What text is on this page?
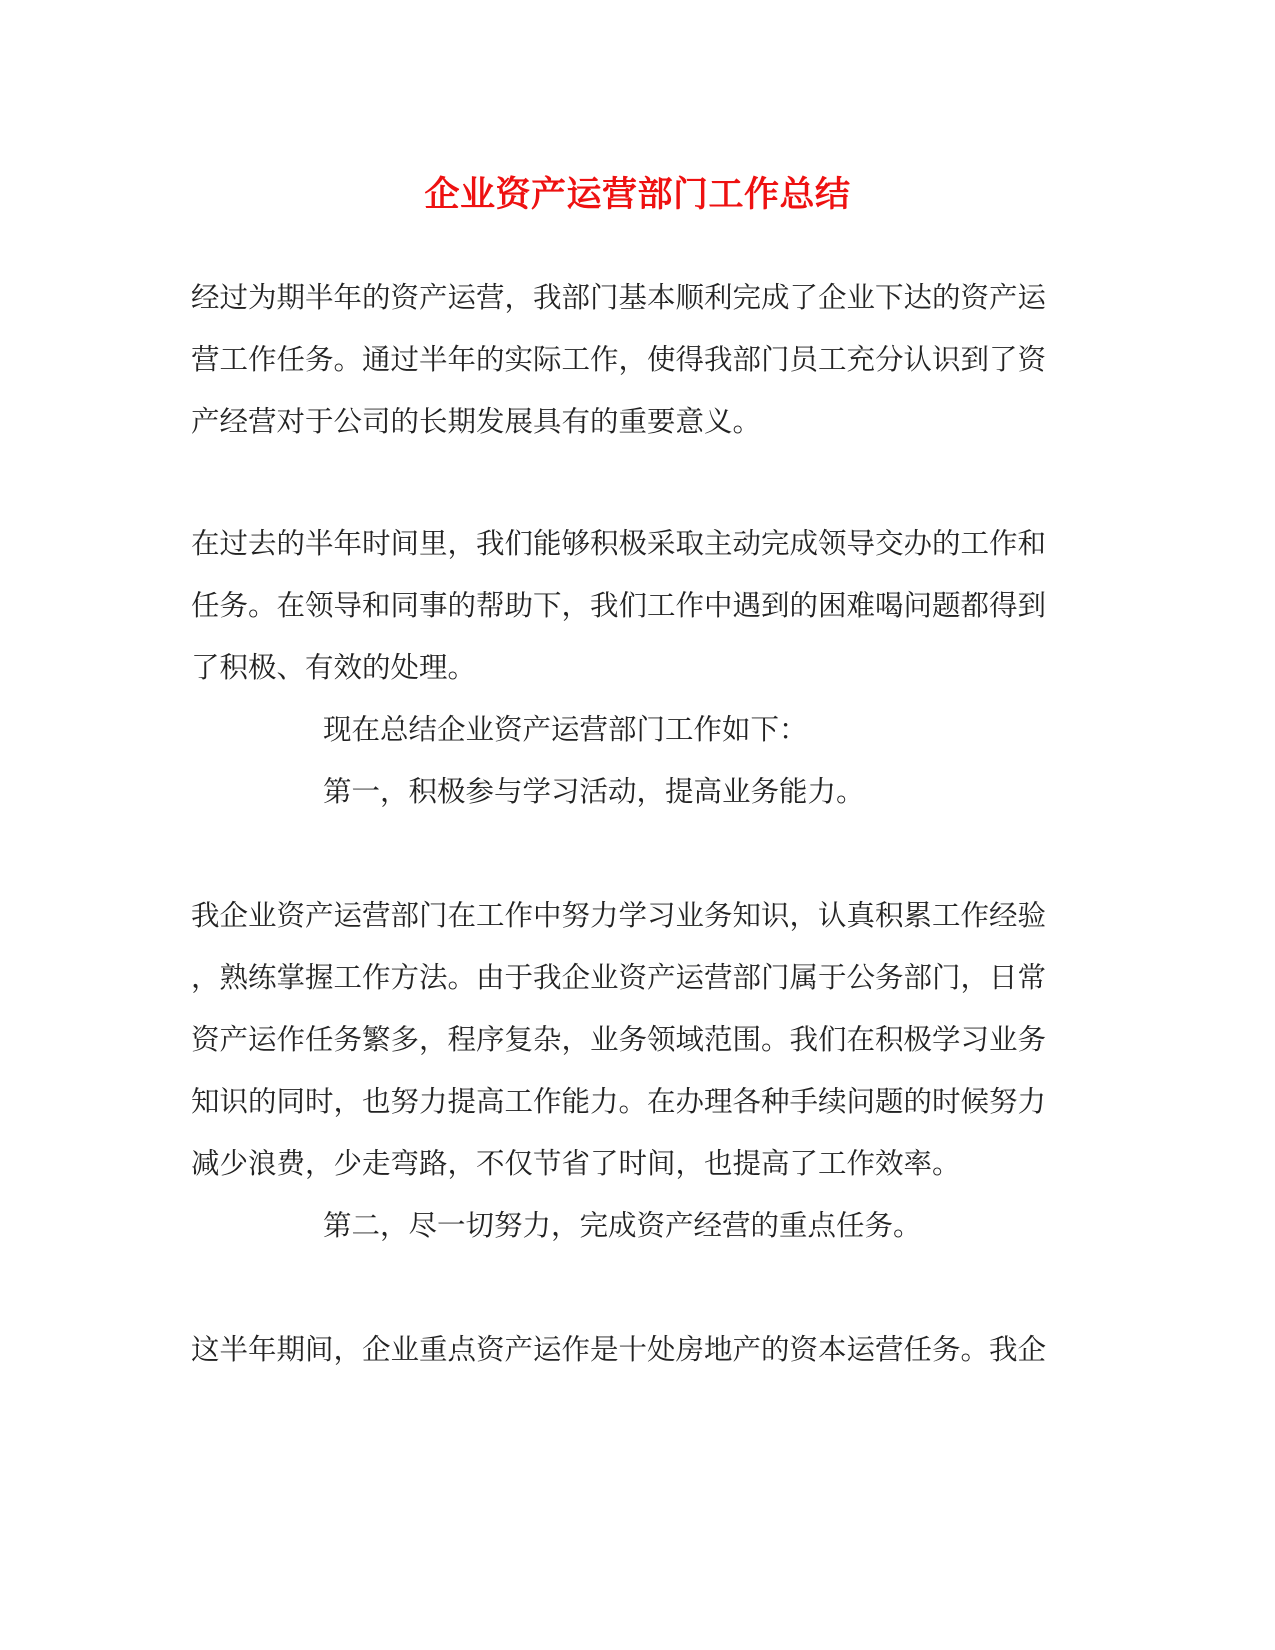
企业资产运营部门工作总结
经过为期半年的资产运营，我部门基本顺利完成了企业下达的资产运
营工作任务。通过半年的实际工作，使得我部门员工充分认识到了资
产经营对于公司的长期发展具有的重要意义。
在过去的半年时间里，我们能够积极采取主动完成领导交办的工作和
任务。在领导和同事的帮助下，我们工作中遇到的困难喝问题都得到
了积极、有效的处理。
现在总结企业资产运营部门工作如下：
第一，积极参与学习活动，提高业务能力。
我企业资产运营部门在工作中努力学习业务知识，认真积累工作经验
，熟练掌握工作方法。由于我企业资产运营部门属于公务部门，日常
资产运作任务繁多，程序复杂，业务领域范围。我们在积极学习业务
知识的同时，也努力提高工作能力。在办理各种手续问题的时候努力
减少浪费，少走弯路，不仅节省了时间，也提高了工作效率。
第二，尽一切努力，完成资产经营的重点任务。
这半年期间，企业重点资产运作是十处房地产的资本运营任务。我企
